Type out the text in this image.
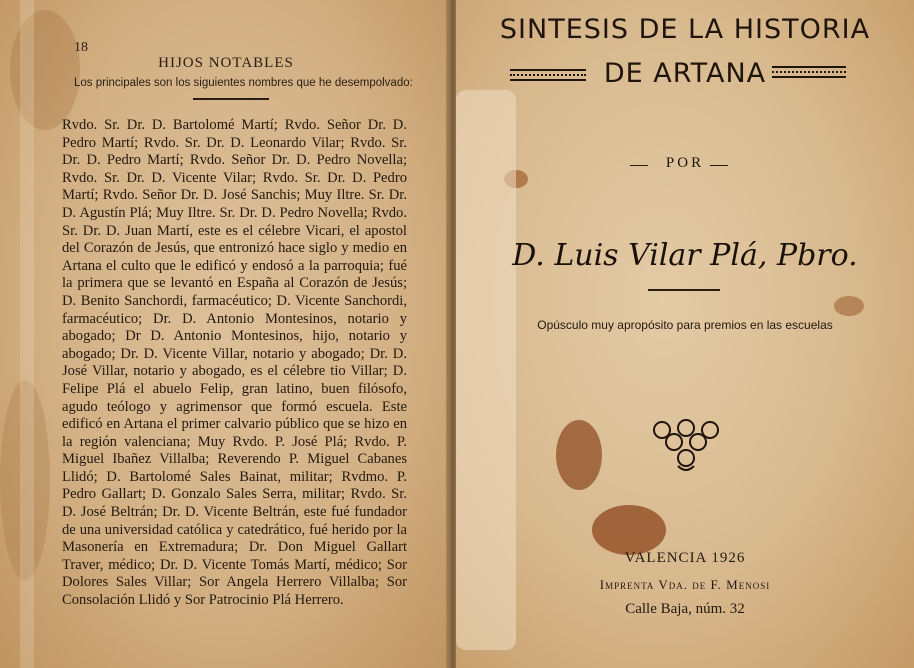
18
HIJOS NOTABLES
Los principales son los siguientes nombres que he desempolvado:

Rvdo. Sr. Dr. D. Bartolomé Martí; Rvdo. Señor Dr. D. Pedro Martí; Rvdo. Sr. Dr. D. Leonardo Vilar; Rvdo. Sr. Dr. D. Pedro Martí; Rvdo. Señor Dr. D. Pedro Novella; Rvdo. Sr. Dr. D. Vicente Vilar; Rvdo. Sr. Dr. D. Pedro Martí; Rvdo. Señor Dr. D. José Sanchis; Muy Iltre. Sr. Dr. D. Agustín Plá; Muy Iltre. Sr. Dr. D. Pedro Novella; Rvdo. Sr. Dr. D. Juan Martí, este es el célebre Vicari, el apostol del Corazón de Jesús, que entronizó hace siglo y medio en Artana el culto que le edificó y endosó a la parroquia; fué la primera que se levantó en España al Corazón de Jesús; D. Benito Sanchordi, farmacéutico; D. Vicente Sanchordi, farmacéutico; Dr. D. Antonio Montesinos, notario y abogado; Dr D. Antonio Montesinos, hijo, notario y abogado; Dr. D. Vicente Villar, notario y abogado; Dr. D. José Villar, notario y abogado, es el célebre tio Villar; D. Felipe Plá el abuelo Felip, gran latino, buen filósofo, agudo teólogo y agrimensor que formó escuela. Este edificó en Artana el primer calvario público que se hizo en la región valenciana; Muy Rvdo. P. José Plá; Rvdo. P. Miguel Ibañez Villalba; Reverendo P. Miguel Cabanes Llidó; D. Bartolomé Sales Bainat, militar; Rvdmo. P. Pedro Gallart; D. Gonzalo Sales Serra, militar; Rvdo. Sr. D. José Beltrán; Dr. D. Vicente Beltrán, este fué fundador de una universidad católica y catedrático, fué herido por la Masonería en Extremadura; Dr. Don Miguel Gallart Traver, médico; Dr. D. Vicente Tomás Martí, médico; Sor Dolores Sales Villar; Sor Angela Herrero Villalba; Sor Consolación Llidó y Sor Patrocinio Plá Herrero.

SINTESIS DE LA HISTORIA
DE ARTANA
POR
D. Luis Vilar Plá, Pbro.
Opúsculo muy apropósito para premios en las escuelas
VALENCIA 1926
Imprenta Vda. de F. Menosi
Calle Baja, núm. 32
